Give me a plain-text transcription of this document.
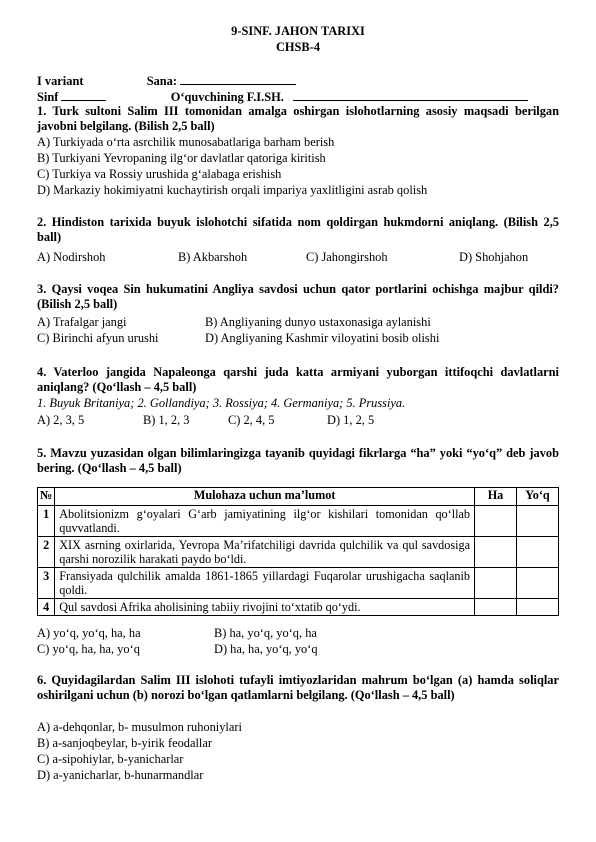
9-SINF. JAHON TARIXI
CHSB-4
I variant	Sana:
Sinf	O‘quvchining F.I.SH.
1. Turk sultoni Salim III tomonidan amalga oshirgan islohotlarning asosiy maqsadi berilgan javobni belgilang. (Bilish 2,5 ball)
A) Turkiyada o‘rta asrchilik munosabatlariga barham berish
B) Turkiyani Yevropaning ilg‘or davlatlar qatoriga kiritish
C) Turkiya va Rossiy urushida g‘alabaga erishish
D) Markaziy hokimiyatni kuchaytirish orqali impariya yaxlitligini asrab qolish
2. Hindiston tarixida buyuk islohotchi sifatida nom qoldirgan hukmdorni aniqlang. (Bilish 2,5 ball)
A) Nodirshoh	B) Akbarshoh	C) Jahongirshoh	D) Shohjahon
3. Qaysi voqea Sin hukumatini Angliya savdosi uchun qator portlarini ochishga majbur qildi? (Bilish 2,5 ball)
A) Trafalgar jangi	B) Angliyaning dunyo ustaxonasiga aylanishi
C) Birinchi afyun urushi	D) Angliyaning Kashmir viloyatini bosib olishi
4. Vaterloo jangida Napaleonga qarshi juda katta armiyani yuborgan ittifoqchi davlatlarni aniqlang? (Qo‘llash – 4,5 ball)
1. Buyuk Britaniya; 2. Gollandiya; 3. Rossiya; 4. Germaniya; 5. Prussiya.
A) 2, 3, 5	B) 1, 2, 3	C) 2, 4, 5	D) 1, 2, 5
5. Mavzu yuzasidan olgan bilimlaringizga tayanib quyidagi fikrlarga “ha” yoki “yo‘q” deb javob bering. (Qo‘llash – 4,5 ball)
№	Mulohaza uchun ma’lumot	Ha	Yo‘q
1	Abolitsionizm g‘oyalari G‘arb jamiyatining ilg‘or kishilari tomonidan qo‘llab quvvatlandi.		
2	XIX asrning oxirlarida, Yevropa Ma’rifatchiligi davrida qulchilik va qul savdosiga qarshi norozilik harakati paydo bo‘ldi.		
3	Fransiyada qulchilik amalda 1861-1865 yillardagi Fuqarolar urushigacha saqlanib qoldi.		
4	Qul savdosi Afrika aholisining tabiiy rivojini to‘xtatib qo‘ydi.		
A) yo‘q, yo‘q, ha, ha	B) ha, yo‘q, yo‘q, ha
C) yo‘q, ha, ha, yo‘q	D) ha, ha, yo‘q, yo‘q
6. Quyidagilardan Salim III islohoti tufayli imtiyozlaridan mahrum bo‘lgan (a) hamda soliqlar oshirilgani uchun (b) norozi bo‘lgan qatlamlarni belgilang. (Qo‘llash – 4,5 ball)
A) a-dehqonlar, b- musulmon ruhoniylari
B) a-sanjoqbeylar, b-yirik feodallar
C) a-sipohiylar, b-yanicharlar
D) a-yanicharlar, b-hunarmandlar
